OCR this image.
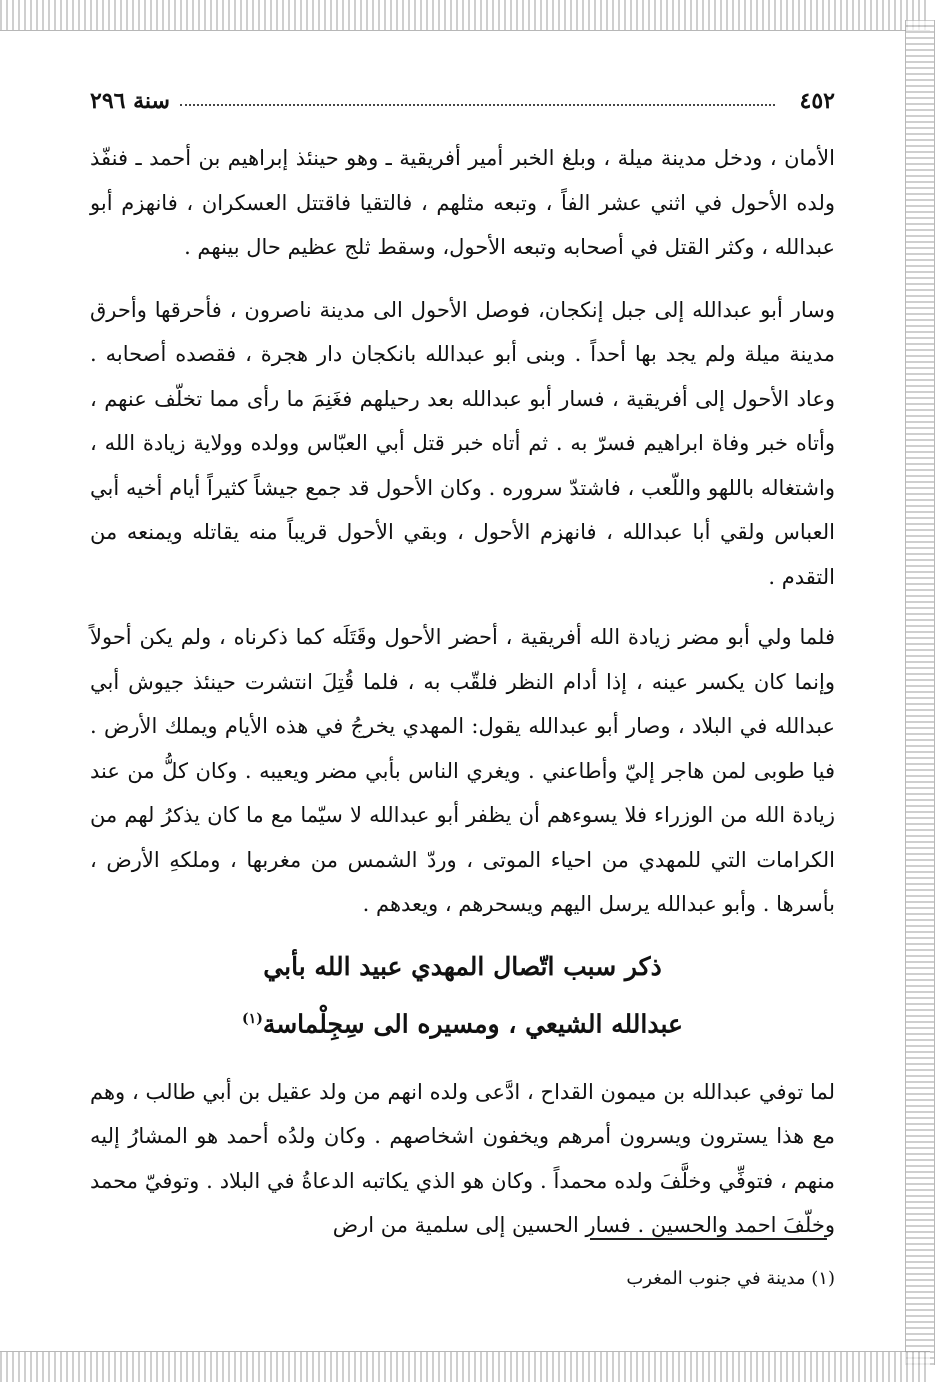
٤٥٢
سنة ٢٩٦

الأمان ، ودخل مدينة ميلة ، وبلغ الخبر أمير أفريقية ـ وهو حينئذ إبراهيم بن أحمد ـ فنفّذ ولده الأحول في اثني عشر الفاً ، وتبعه مثلهم ، فالتقيا فاقتتل العسكران ، فانهزم أبو عبدالله ، وكثر القتل في أصحابه وتبعه الأحول، وسقط ثلج عظيم حال بينهم .

وسار أبو عبدالله إلى جبل إنكجان، فوصل الأحول الى مدينة ناصرون ، فأحرقها وأحرق مدينة ميلة ولم يجد بها أحداً . وبنى أبو عبدالله بانكجان دار هجرة ، فقصده أصحابه . وعاد الأحول إلى أفريقية ، فسار أبو عبدالله بعد رحيلهم فغَنِمَ ما رأى مما تخلّف عنهم ، وأتاه خبر وفاة ابراهيم فسرّ به . ثم أتاه خبر قتل أبي العبّاس وولده وولاية زيادة الله ، واشتغاله باللهو واللّعب ، فاشتدّ سروره . وكان الأحول قد جمع جيشاً كثيراً أيام أخيه أبي العباس ولقي أبا عبدالله ، فانهزم الأحول ، وبقي الأحول قريباً منه يقاتله ويمنعه من التقدم .

فلما ولي أبو مضر زيادة الله أفريقية ، أحضر الأحول وقَتَلَه كما ذكرناه ، ولم يكن أحولاً وإنما كان يكسر عينه ، إذا أدام النظر فلقّب به ، فلما قُتِلَ انتشرت حينئذ جيوش أبي عبدالله في البلاد ، وصار أبو عبدالله يقول: المهدي يخرجُ في هذه الأيام ويملك الأرض . فيا طوبى لمن هاجر إليّ وأطاعني . ويغري الناس بأبي مضر ويعيبه . وكان كلُّ من عند زيادة الله من الوزراء فلا يسوءهم أن يظفر أبو عبدالله لا سيّما مع ما كان يذكرُ لهم من الكرامات التي للمهدي من احياء الموتى ، وردّ الشمس من مغربها ، وملكهِ الأرض ، بأسرها . وأبو عبدالله يرسل اليهم ويسحرهم ، ويعدهم .

ذكر سبب اتّصال المهدي عبيد الله بأبي
عبدالله الشيعي ، ومسيره الى سِجِلْماسة$^{(١)}$

لما توفي عبدالله بن ميمون القداح ، ادَّعى ولده انهم من ولد عقيل بن أبي طالب ، وهم مع هذا يسترون ويسرون أمرهم ويخفون اشخاصهم . وكان ولدُه أحمد هو المشارُ إليه منهم ، فتوفِّي وخلَّفَ ولده محمداً . وكان هو الذي يكاتبه الدعاةُ في البلاد . وتوفيّ محمد وخلّفَ احمد والحسين . فسار الحسين إلى سلمية من ارض

(١) مدينة في جنوب المغرب
